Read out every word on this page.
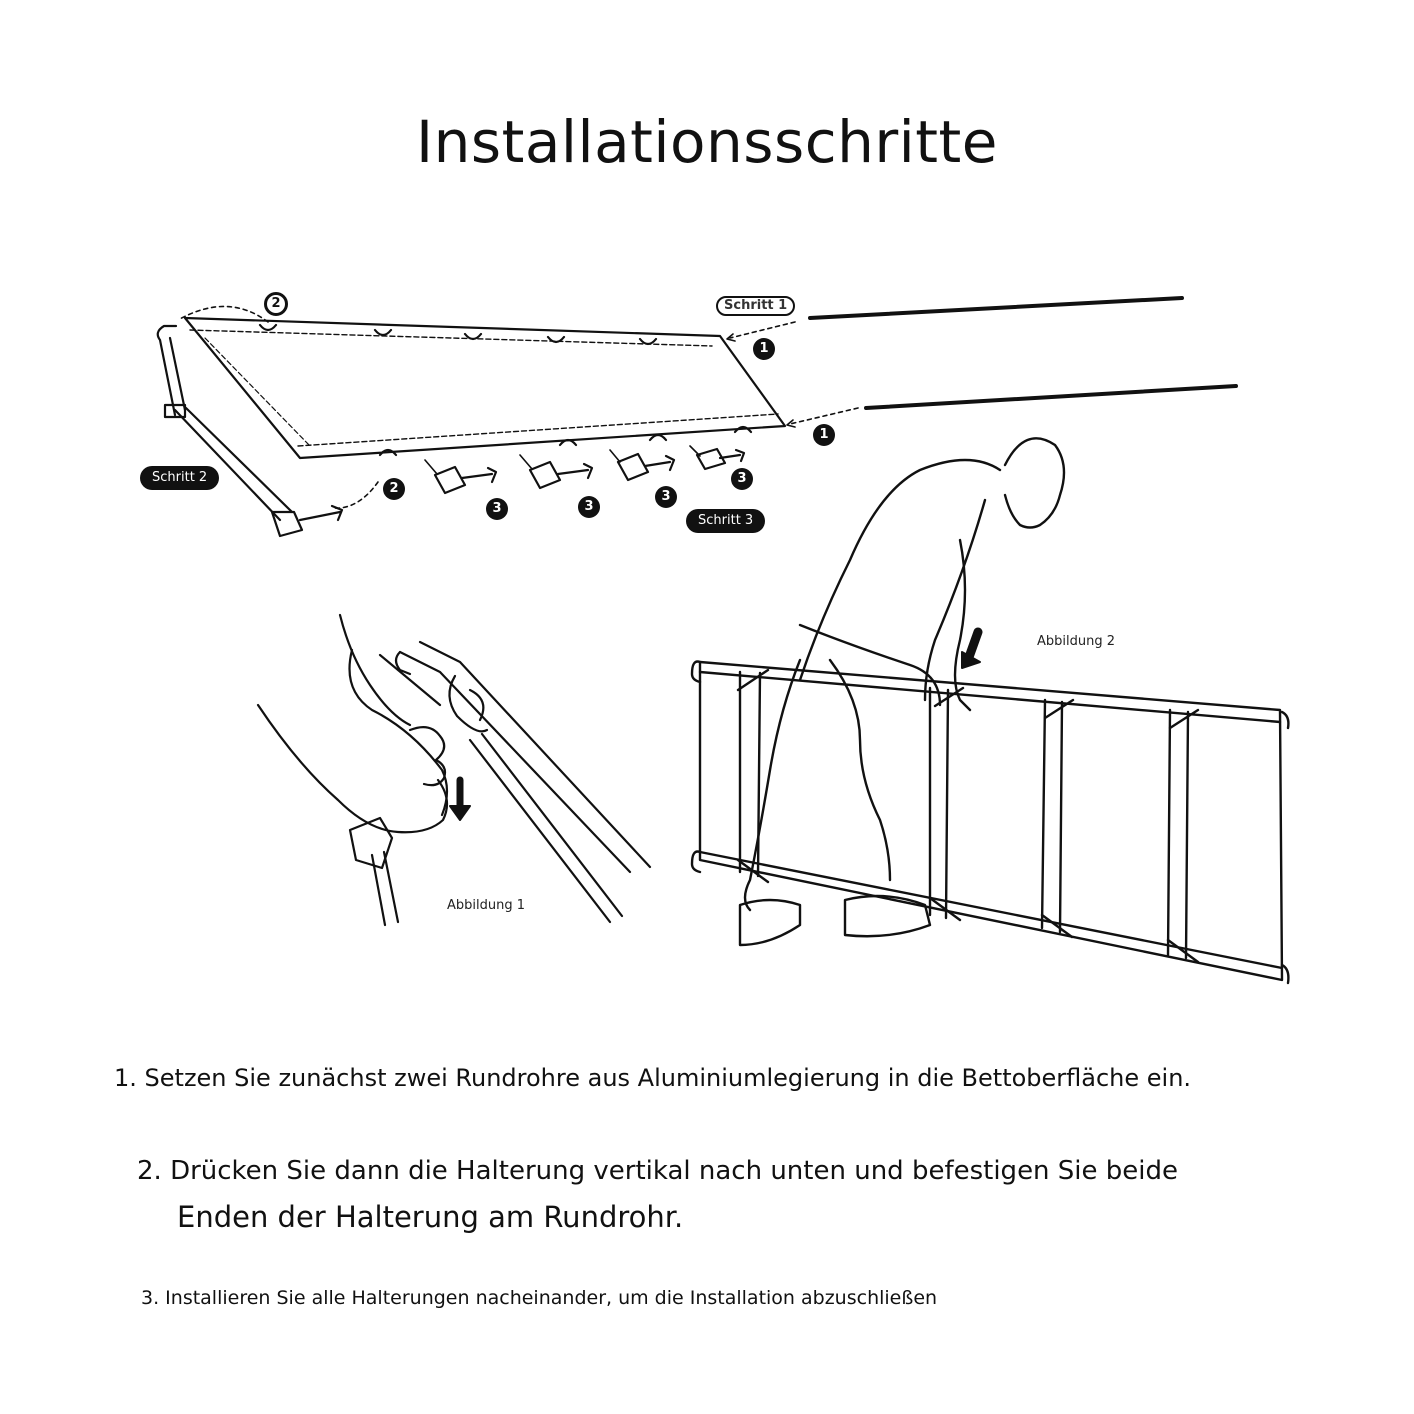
Installationsschritte
Schritt 1
Schritt 2
Schritt 3
1
1
2
2
3	3
3
3
Abbildung 1
Abbildung 2
1. Setzen Sie zunächst zwei Rundrohre aus Aluminiumlegierung in die Bettoberfläche ein.
2. Drücken Sie dann die Halterung vertikal nach unten und befestigen Sie beide
Enden der Halterung am Rundrohr.
3. Installieren Sie alle Halterungen nacheinander, um die Installation abzuschließen
